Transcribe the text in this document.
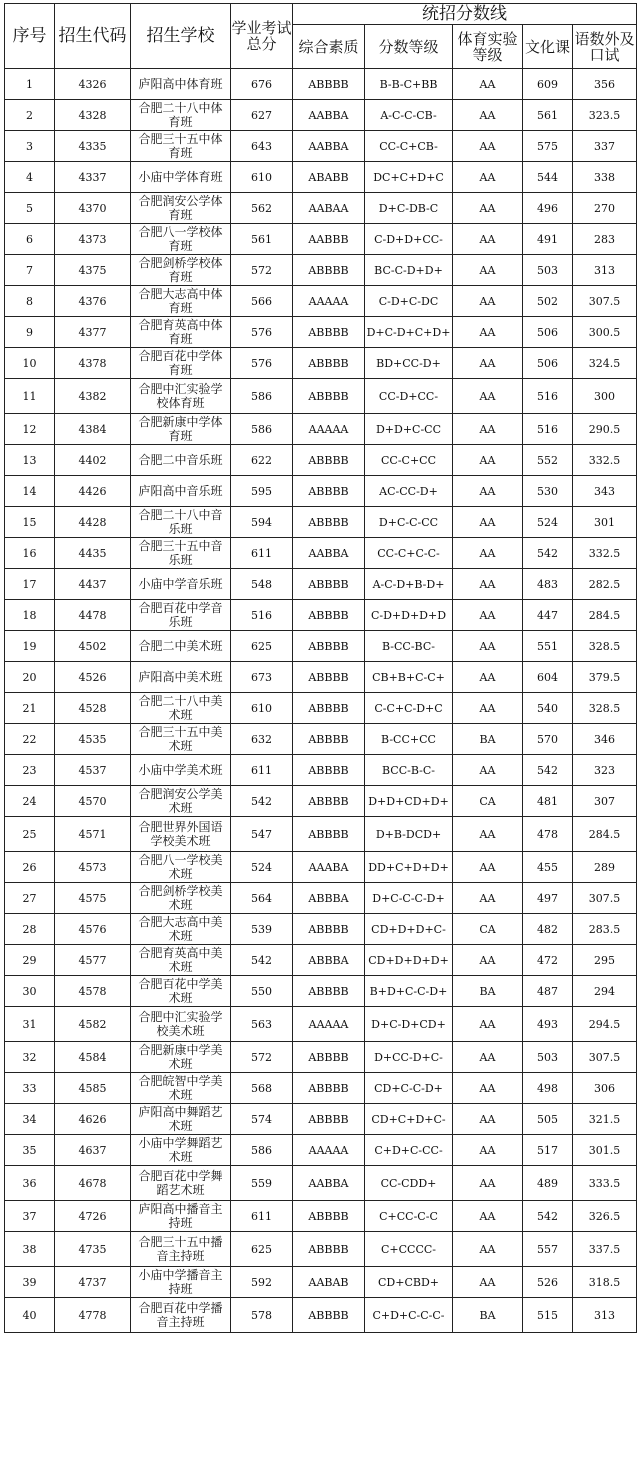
序号	招生代码	招生学校	学业考试总分	统招分数线				
				综合素质	分数等级	体育实验等级	文化课	语数外及口试
1	4326	庐阳高中体育班	676	ABBBB	B-B-C+BB	AA	609	356
2	4328	合肥二十八中体育班	627	AABBA	A-C-C-CB-	AA	561	323.5
3	4335	合肥三十五中体育班	643	AABBA	CC-C+CB-	AA	575	337
4	4337	小庙中学体育班	610	ABABB	DC+C+D+C	AA	544	338
5	4370	合肥润安公学体育班	562	AABAA	D+C-DB-C	AA	496	270
6	4373	合肥八一学校体育班	561	AABBB	C-D+D+CC-	AA	491	283
7	4375	合肥剑桥学校体育班	572	ABBBB	BC-C-D+D+	AA	503	313
8	4376	合肥大志高中体育班	566	AAAAA	C-D+C-DC	AA	502	307.5
9	4377	合肥育英高中体育班	576	ABBBB	D+C-D+C+D+	AA	506	300.5
10	4378	合肥百花中学体育班	576	ABBBB	BD+CC-D+	AA	506	324.5
11	4382	合肥中汇实验学校体育班	586	ABBBB	CC-D+CC-	AA	516	300
12	4384	合肥新康中学体育班	586	AAAAA	D+D+C-CC	AA	516	290.5
13	4402	合肥二中音乐班	622	ABBBB	CC-C+CC	AA	552	332.5
14	4426	庐阳高中音乐班	595	ABBBB	AC-CC-D+	AA	530	343
15	4428	合肥二十八中音乐班	594	ABBBB	D+C-C-CC	AA	524	301
16	4435	合肥三十五中音乐班	611	AABBA	CC-C+C-C-	AA	542	332.5
17	4437	小庙中学音乐班	548	ABBBB	A-C-D+B-D+	AA	483	282.5
18	4478	合肥百花中学音乐班	516	ABBBB	C-D+D+D+D	AA	447	284.5
19	4502	合肥二中美术班	625	ABBBB	B-CC-BC-	AA	551	328.5
20	4526	庐阳高中美术班	673	ABBBB	CB+B+C-C+	AA	604	379.5
21	4528	合肥二十八中美术班	610	ABBBB	C-C+C-D+C	AA	540	328.5
22	4535	合肥三十五中美术班	632	ABBBB	B-CC+CC	BA	570	346
23	4537	小庙中学美术班	611	ABBBB	BCC-B-C-	AA	542	323
24	4570	合肥润安公学美术班	542	ABBBB	D+D+CD+D+	CA	481	307
25	4571	合肥世界外国语学校美术班	547	ABBBB	D+B-DCD+	AA	478	284.5
26	4573	合肥八一学校美术班	524	AAABA	DD+C+D+D+	AA	455	289
27	4575	合肥剑桥学校美术班	564	ABBBA	D+C-C-C-D+	AA	497	307.5
28	4576	合肥大志高中美术班	539	ABBBB	CD+D+D+C-	CA	482	283.5
29	4577	合肥育英高中美术班	542	ABBBA	CD+D+D+D+	AA	472	295
30	4578	合肥百花中学美术班	550	ABBBB	B+D+C-C-D+	BA	487	294
31	4582	合肥中汇实验学校美术班	563	AAAAA	D+C-D+CD+	AA	493	294.5
32	4584	合肥新康中学美术班	572	ABBBB	D+CC-D+C-	AA	503	307.5
33	4585	合肥皖智中学美术班	568	ABBBB	CD+C-C-D+	AA	498	306
34	4626	庐阳高中舞蹈艺术班	574	ABBBB	CD+C+D+C-	AA	505	321.5
35	4637	小庙中学舞蹈艺术班	586	AAAAA	C+D+C-CC-	AA	517	301.5
36	4678	合肥百花中学舞蹈艺术班	559	AABBA	CC-CDD+	AA	489	333.5
37	4726	庐阳高中播音主持班	611	ABBBB	C+CC-C-C	AA	542	326.5
38	4735	合肥三十五中播音主持班	625	ABBBB	C+CCCC-	AA	557	337.5
39	4737	小庙中学播音主持班	592	AABAB	CD+CBD+	AA	526	318.5
40	4778	合肥百花中学播音主持班	578	ABBBB	C+D+C-C-C-	BA	515	313
